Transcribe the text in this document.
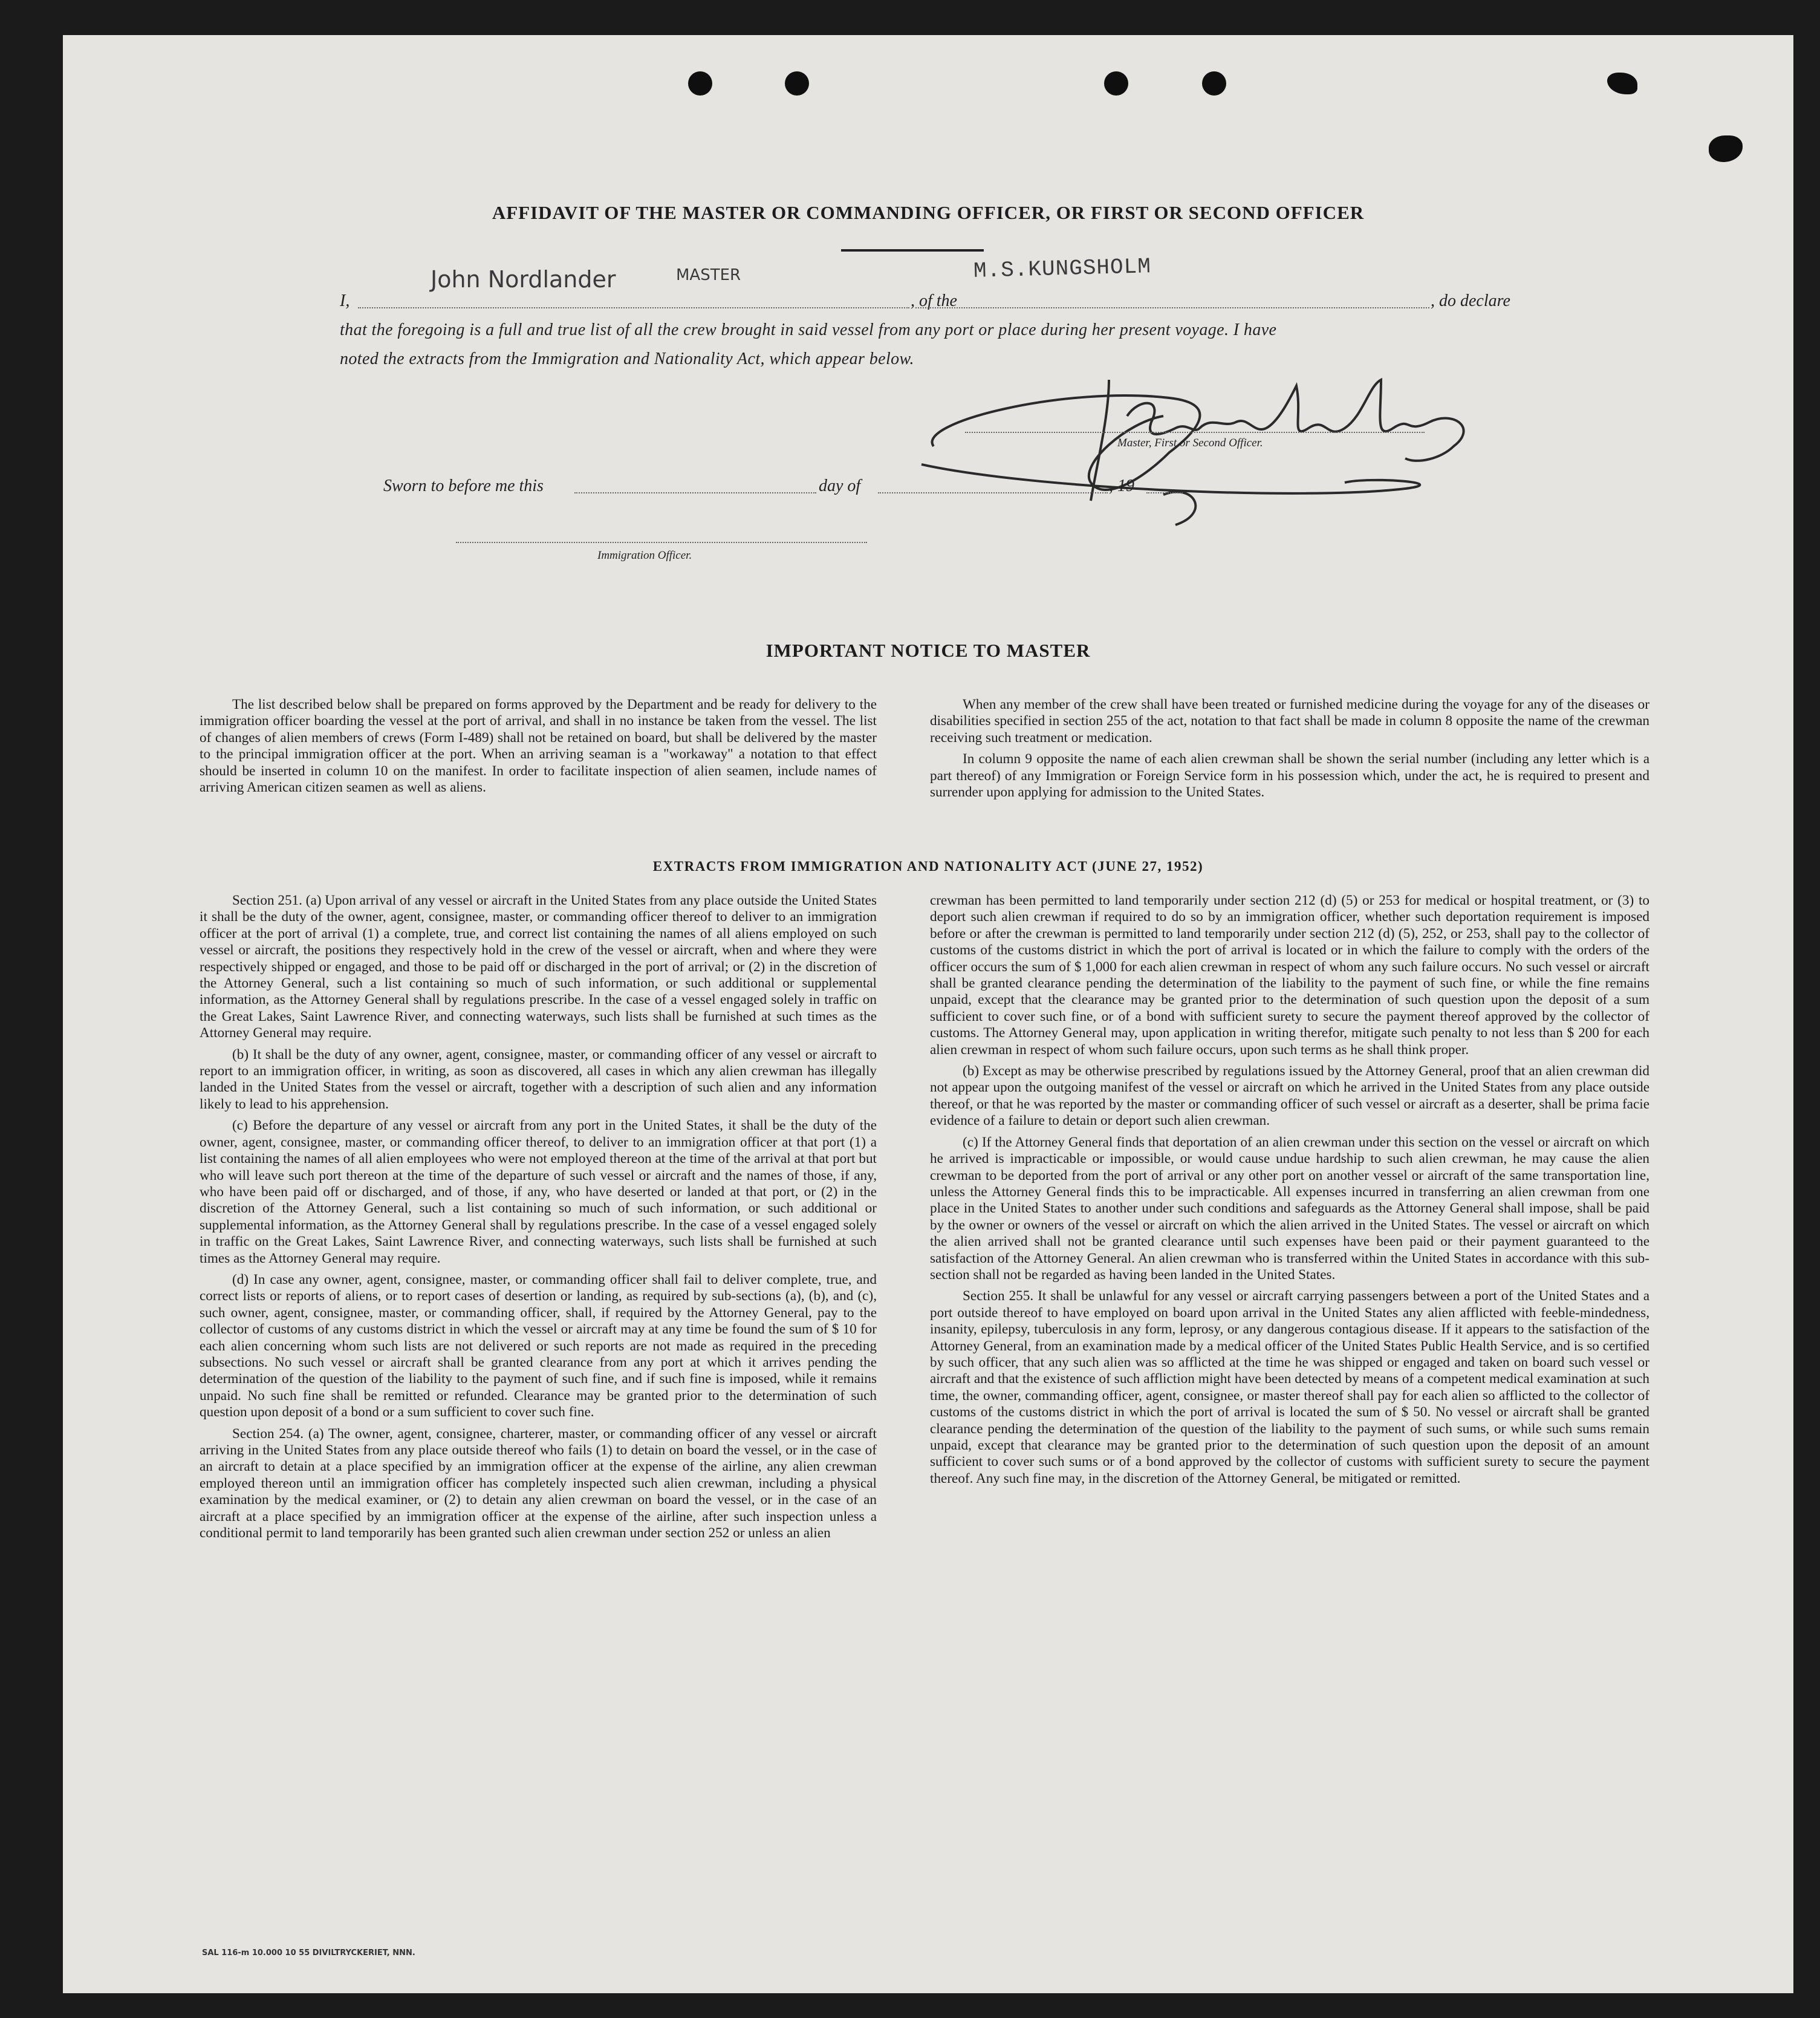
AFFIDAVIT OF THE MASTER OR COMMANDING OFFICER, OR FIRST OR SECOND OFFICER
I,
John Nordlander	MASTER
, of the
M.S.KUNGSHOLM
, do declare
that the foregoing is a full and true list of all the crew brought in said vessel from any port or place during her present voyage. I have
noted the extracts from the Immigration and Nationality Act, which appear below.
Master, First or Second Officer.
Sworn to before me this	day of	, 19
Immigration Officer.
IMPORTANT NOTICE TO MASTER

The list described below shall be prepared on forms approved by the Department and be ready for delivery to the immigration officer boarding the vessel at the port of arrival, and shall in no instance be taken from the vessel. The list of changes of alien members of crews (Form I-489) shall not be retained on board, but shall be delivered by the master to the principal immigration officer at the port. When an arriving seaman is a "workaway" a notation to that effect should be inserted in column 10 on the manifest. In order to facilitate inspection of alien seamen, include names of arriving American citizen seamen as well as aliens.

When any member of the crew shall have been treated or furnished medicine during the voyage for any of the diseases or disabilities specified in section 255 of the act, notation to that fact shall be made in column 8 opposite the name of the crewman receiving such treatment or medication.

In column 9 opposite the name of each alien crewman shall be shown the serial number (including any letter which is a part thereof) of any Immigration or Foreign Service form in his possession which, under the act, he is required to present and surrender upon applying for admission to the United States.

EXTRACTS FROM IMMIGRATION AND NATIONALITY ACT (JUNE 27, 1952)

Section 251. (a) Upon arrival of any vessel or aircraft in the United States from any place outside the United States it shall be the duty of the owner, agent, consignee, master, or commanding officer thereof to deliver to an immigration officer at the port of arrival (1) a complete, true, and correct list containing the names of all aliens employed on such vessel or aircraft, the positions they respectively hold in the crew of the vessel or aircraft, when and where they were respectively shipped or engaged, and those to be paid off or discharged in the port of arrival; or (2) in the discretion of the Attorney General, such a list containing so much of such information, or such additional or supplemental information, as the Attorney General shall by regulations prescribe. In the case of a vessel engaged solely in traffic on the Great Lakes, Saint Lawrence River, and connecting waterways, such lists shall be furnished at such times as the Attorney General may require.

(b) It shall be the duty of any owner, agent, consignee, master, or commanding officer of any vessel or aircraft to report to an immigration officer, in writing, as soon as discovered, all cases in which any alien crewman has illegally landed in the United States from the vessel or aircraft, together with a description of such alien and any information likely to lead to his apprehension.

(c) Before the departure of any vessel or aircraft from any port in the United States, it shall be the duty of the owner, agent, consignee, master, or commanding officer thereof, to deliver to an immigration officer at that port (1) a list containing the names of all alien employees who were not employed thereon at the time of the arrival at that port but who will leave such port thereon at the time of the departure of such vessel or aircraft and the names of those, if any, who have been paid off or discharged, and of those, if any, who have deserted or landed at that port, or (2) in the discretion of the Attorney General, such a list containing so much of such information, or such additional or supplemental information, as the Attorney General shall by regulations prescribe. In the case of a vessel engaged solely in traffic on the Great Lakes, Saint Lawrence River, and connecting waterways, such lists shall be furnished at such times as the Attorney General may require.

(d) In case any owner, agent, consignee, master, or commanding officer shall fail to deliver complete, true, and correct lists or reports of aliens, or to report cases of desertion or landing, as required by sub-sections (a), (b), and (c), such owner, agent, consignee, master, or commanding officer, shall, if required by the Attorney General, pay to the collector of customs of any customs district in which the vessel or aircraft may at any time be found the sum of $ 10 for each alien concerning whom such lists are not delivered or such reports are not made as required in the preceding subsections. No such vessel or aircraft shall be granted clearance from any port at which it arrives pending the determination of the question of the liability to the payment of such fine, and if such fine is imposed, while it remains unpaid. No such fine shall be remitted or refunded. Clearance may be granted prior to the determination of such question upon deposit of a bond or a sum sufficient to cover such fine.

Section 254. (a) The owner, agent, consignee, charterer, master, or commanding officer of any vessel or aircraft arriving in the United States from any place outside thereof who fails (1) to detain on board the vessel, or in the case of an aircraft to detain at a place specified by an immigration officer at the expense of the airline, any alien crewman employed thereon until an immigration officer has completely inspected such alien crewman, including a physical examination by the medical examiner, or (2) to detain any alien crewman on board the vessel, or in the case of an aircraft at a place specified by an immigration officer at the expense of the airline, after such inspection unless a conditional permit to land temporarily has been granted such alien crewman under section 252 or unless an alien

crewman has been permitted to land temporarily under section 212 (d) (5) or 253 for medical or hospital treatment, or (3) to deport such alien crewman if required to do so by an immigration officer, whether such deportation requirement is imposed before or after the crewman is permitted to land temporarily under section 212 (d) (5), 252, or 253, shall pay to the collector of customs of the customs district in which the port of arrival is located or in which the failure to comply with the orders of the officer occurs the sum of $ 1,000 for each alien crewman in respect of whom any such failure occurs. No such vessel or aircraft shall be granted clearance pending the determination of the liability to the payment of such fine, or while the fine remains unpaid, except that the clearance may be granted prior to the determination of such question upon the deposit of a sum sufficient to cover such fine, or of a bond with sufficient surety to secure the payment thereof approved by the collector of customs. The Attorney General may, upon application in writing therefor, mitigate such penalty to not less than $ 200 for each alien crewman in respect of whom such failure occurs, upon such terms as he shall think proper.

(b) Except as may be otherwise prescribed by regulations issued by the Attorney General, proof that an alien crewman did not appear upon the outgoing manifest of the vessel or aircraft on which he arrived in the United States from any place outside thereof, or that he was reported by the master or commanding officer of such vessel or aircraft as a deserter, shall be prima facie evidence of a failure to detain or deport such alien crewman.

(c) If the Attorney General finds that deportation of an alien crewman under this section on the vessel or aircraft on which he arrived is impracticable or impossible, or would cause undue hardship to such alien crewman, he may cause the alien crewman to be deported from the port of arrival or any other port on another vessel or aircraft of the same transportation line, unless the Attorney General finds this to be impracticable. All expenses incurred in transferring an alien crewman from one place in the United States to another under such conditions and safeguards as the Attorney General shall impose, shall be paid by the owner or owners of the vessel or aircraft on which the alien arrived in the United States. The vessel or aircraft on which the alien arrived shall not be granted clearance until such expenses have been paid or their payment guaranteed to the satisfaction of the Attorney General. An alien crewman who is transferred within the United States in accordance with this sub-section shall not be regarded as having been landed in the United States.

Section 255. It shall be unlawful for any vessel or aircraft carrying passengers between a port of the United States and a port outside thereof to have employed on board upon arrival in the United States any alien afflicted with feeble-mindedness, insanity, epilepsy, tuberculosis in any form, leprosy, or any dangerous contagious disease. If it appears to the satisfaction of the Attorney General, from an examination made by a medical officer of the United States Public Health Service, and is so certified by such officer, that any such alien was so afflicted at the time he was shipped or engaged and taken on board such vessel or aircraft and that the existence of such affliction might have been detected by means of a competent medical examination at such time, the owner, commanding officer, agent, consignee, or master thereof shall pay for each alien so afflicted to the collector of customs of the customs district in which the port of arrival is located the sum of $ 50. No vessel or aircraft shall be granted clearance pending the determination of the question of the liability to the payment of such sums, or while such sums remain unpaid, except that clearance may be granted prior to the determination of such question upon the deposit of an amount sufficient to cover such sums or of a bond approved by the collector of customs with sufficient surety to secure the payment thereof. Any such fine may, in the discretion of the Attorney General, be mitigated or remitted.

SAL 116-m 10.000 10 55 DIVILTRYCKERIET, NNN.
